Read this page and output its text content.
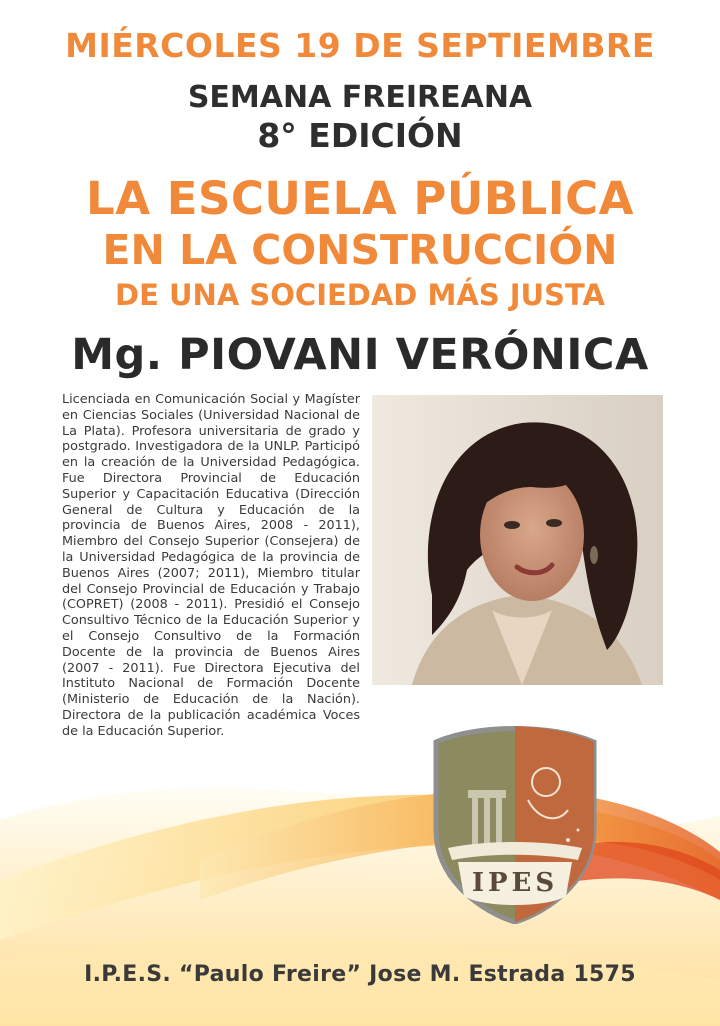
MIÉRCOLES 19 DE SEPTIEMBRE
SEMANA FREIREANA
8° EDICIÓN
LA ESCUELA PÚBLICA
EN LA CONSTRUCCIÓN
DE UNA SOCIEDAD MÁS JUSTA
Mg. PIOVANI VERÓNICA
Licenciada en Comunicación Social y Magíster en Ciencias Sociales (Universidad Nacional de La Plata). Profesora universitaria de grado y postgrado. Investigadora de la UNLP. Participó en la creación de la Universidad Pedagógica. Fue Directora Provincial de Educación Superior y Capacitación Educativa (Dirección General de Cultura y Educación de la provincia de Buenos Aires, 2008 - 2011), Miembro del Consejo Superior (Consejera) de la Universidad Pedagógica de la provincia de Buenos Aires (2007; 2011), Miembro titular del Consejo Provincial de Educación y Trabajo (COPRET) (2008 - 2011). Presidió el Consejo Consultivo Técnico de la Educación Superior y el Consejo Consultivo de la Formación Docente de la provincia de Buenos Aires (2007 - 2011). Fue Directora Ejecutiva del Instituto Nacional de Formación Docente (Ministerio de Educación de la Nación). Directora de la publicación académica Voces de la Educación Superior.
IPES
I.P.E.S. “Paulo Freire” Jose M. Estrada 1575
